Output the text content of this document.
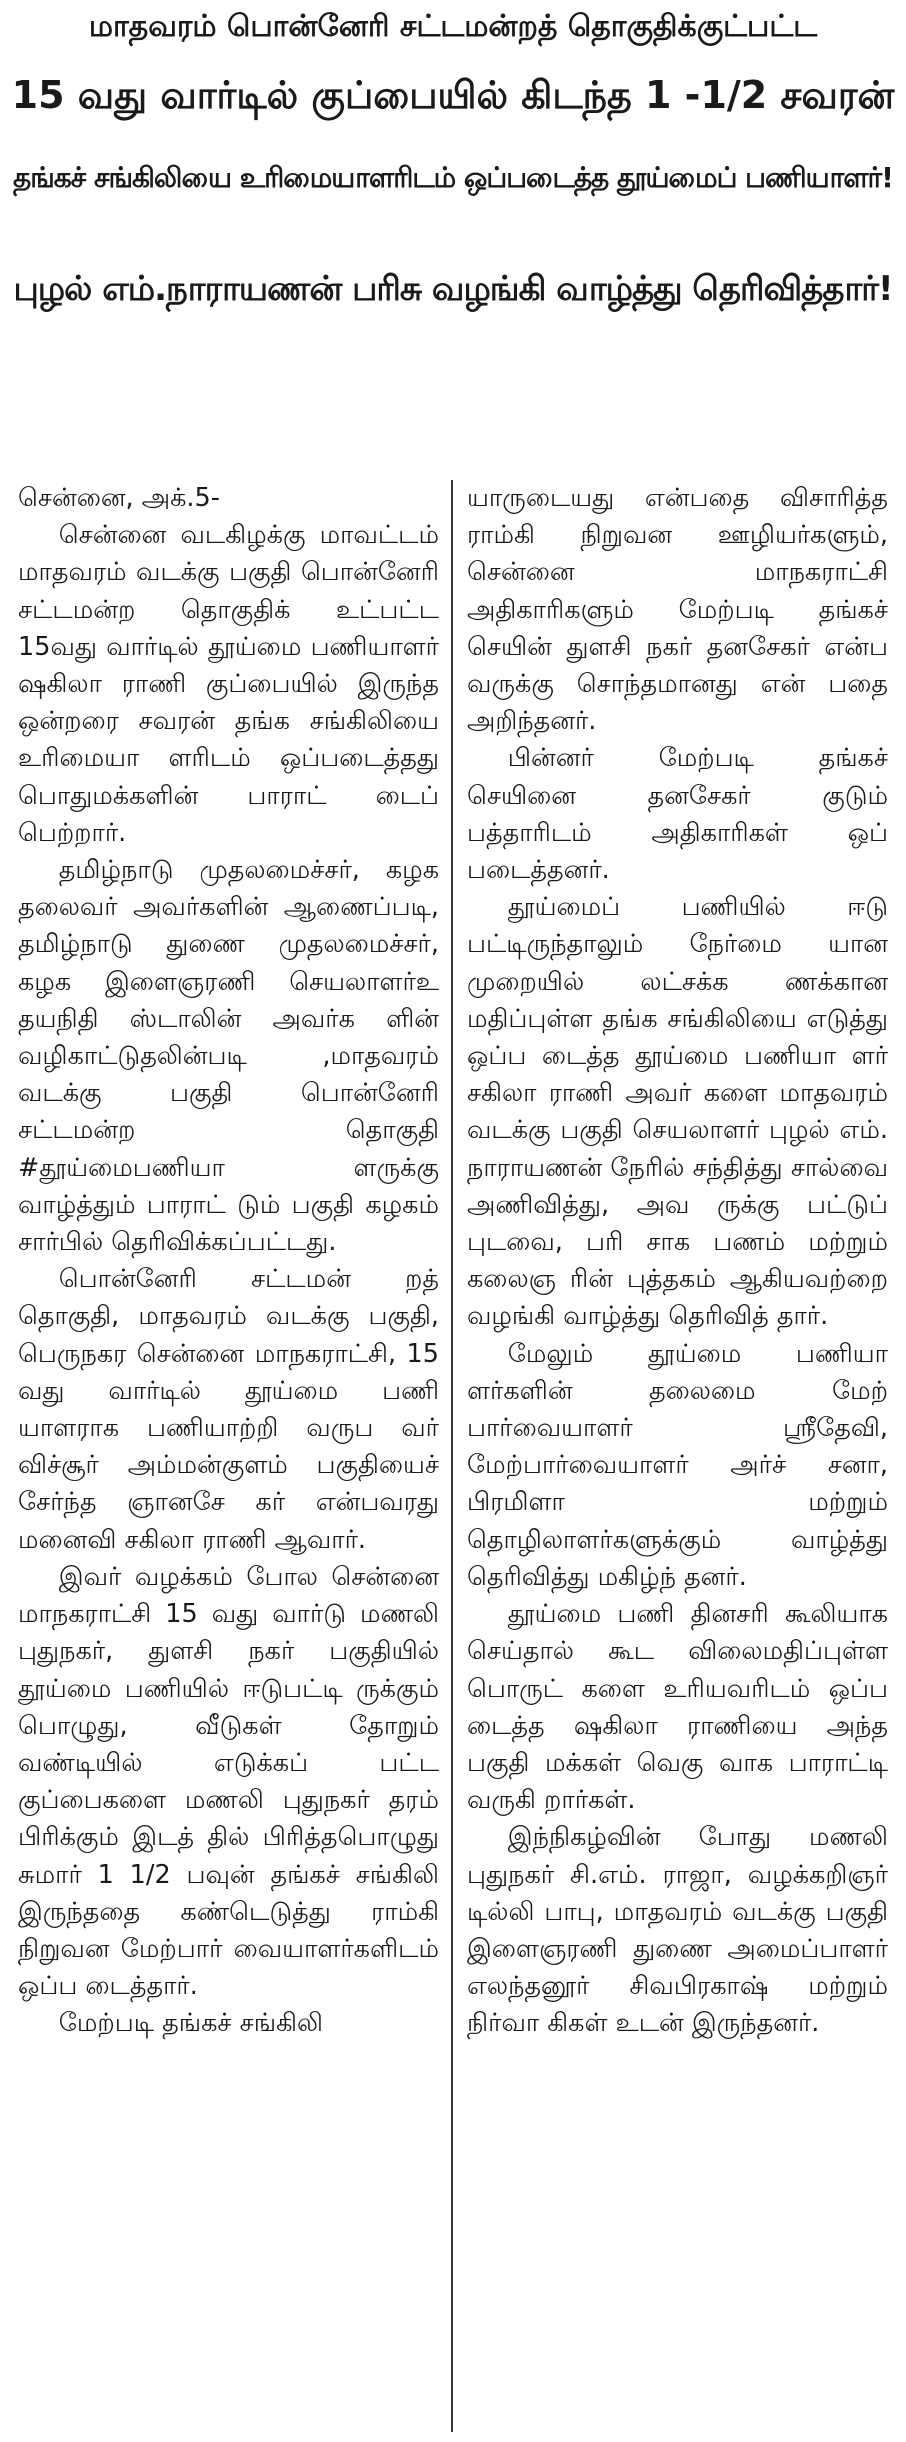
மாதவரம் பொன்னேரி சட்டமன்றத் தொகுதிக்குட்பட்ட
15 வது வார்டில் குப்பையில் கிடந்த 1 -1/2 சவரன்
தங்கச் சங்கிலியை உரிமையாளரிடம் ஒப்படைத்த தூய்மைப் பணியாளர்!
புழல் எம்.நாராயணன் பரிசு வழங்கி வாழ்த்து தெரிவித்தார்!

சென்னை, அக்.5-

சென்னை வடகிழக்கு மாவட்டம் மாதவரம் வடக்கு பகுதி பொன்னேரி சட்டமன்ற தொகுதிக் உட்பட்ட 15வது வார்டில் தூய்மை பணியாளர் ஷகிலா ராணி குப்பையில் இருந்த ஒன்றரை சவரன் தங்க சங்கிலியை உரிமையா ளரிடம் ஒப்படைத்தது பொதுமக்களின் பாராட் டைப் பெற்றார்.

தமிழ்நாடு முதலமைச்சர், கழக தலைவர் அவர்களின் ஆணைப்படி, தமிழ்நாடு துணை முதலமைச்சர், கழக இளைஞரணி செயலாளர்உ தயநிதி ஸ்டாலின் அவர்க ளின் வழிகாட்டுதலின்படி ,மாதவரம் வடக்கு பகுதி பொன்னேரி சட்டமன்ற தொகுதி #தூய்மைபணியா ளருக்கு வாழ்த்தும் பாராட் டும் பகுதி கழகம் சார்பில் தெரிவிக்கப்பட்டது.

பொன்னேரி சட்டமன் றத் தொகுதி, மாதவரம் வடக்கு பகுதி, பெருநகர சென்னை மாநகராட்சி, 15 வது வார்டில் தூய்மை பணி யாளராக பணியாற்றி வருப வர் விச்சூர் அம்மன்குளம் பகுதியைச் சேர்ந்த ஞானசே கர் என்பவரது மனைவி சகிலா ராணி ஆவார்.

இவர் வழக்கம் போல சென்னை மாநகராட்சி 15 வது வார்டு மணலி புதுநகர், துளசி நகர் பகுதியில் தூய்மை பணியில் ஈடுபட்டி ருக்கும் பொழுது, வீடுகள் தோறும் வண்டியில் எடுக்கப் பட்ட குப்பைகளை மணலி புதுநகர் தரம் பிரிக்கும் இடத் தில் பிரித்தபொழுது சுமார் 1 1/2 பவுன் தங்கச் சங்கிலி இருந்ததை கண்டெடுத்து ராம்கி நிறுவன மேற்பார் வையாளர்களிடம் ஒப்ப டைத்தார்.

மேற்படி தங்கச் சங்கிலி

யாருடையது என்பதை விசாரித்த ராம்கி நிறுவன ஊழியர்களும், சென்னை மாநகராட்சி அதிகாரிகளும் மேற்படி தங்கச் செயின் துளசி நகர் தனசேகர் என்ப வருக்கு சொந்தமானது என் பதை அறிந்தனர்.

பின்னர் மேற்படி தங்கச் செயினை தனசேகர் குடும் பத்தாரிடம் அதிகாரிகள் ஒப் படைத்தனர்.

தூய்மைப் பணியில் ஈடு பட்டிருந்தாலும் நேர்மை யான முறையில் லட்சக்க ணக்கான மதிப்புள்ள தங்க சங்கிலியை எடுத்து ஒப்ப டைத்த தூய்மை பணியா ளர் சகிலா ராணி அவர் களை மாதவரம் வடக்கு பகுதி செயலாளர் புழல் எம். நாராயணன் நேரில் சந்தித்து சால்வை அணிவித்து, அவ ருக்கு பட்டுப் புடவை, பரி சாக பணம் மற்றும் கலைஞ ரின் புத்தகம் ஆகியவற்றை வழங்கி வாழ்த்து தெரிவித் தார்.

மேலும் தூய்மை பணியா ளர்களின் தலைமை மேற் பார்வையாளர் ஸ்ரீதேவி, மேற்பார்வையாளர் அர்ச் சனா, பிரமிளா மற்றும் தொழிலாளர்களுக்கும் வாழ்த்து தெரிவித்து மகிழ்ந் தனர்.

தூய்மை பணி தினசரி கூலியாக செய்தால் கூட விலைமதிப்புள்ள பொருட் களை உரியவரிடம் ஒப்ப டைத்த ஷகிலா ராணியை அந்த பகுதி மக்கள் வெகு வாக பாராட்டி வருகி றார்கள்.

இந்நிகழ்வின் போது மணலி புதுநகர் சி.எம். ராஜா, வழக்கறிஞர் டில்லி பாபு, மாதவரம் வடக்கு பகுதி இளைஞரணி துணை அமைப்பாளர் எலந்தனூர் சிவபிரகாஷ் மற்றும் நிர்வா கிகள் உடன் இருந்தனர்.
